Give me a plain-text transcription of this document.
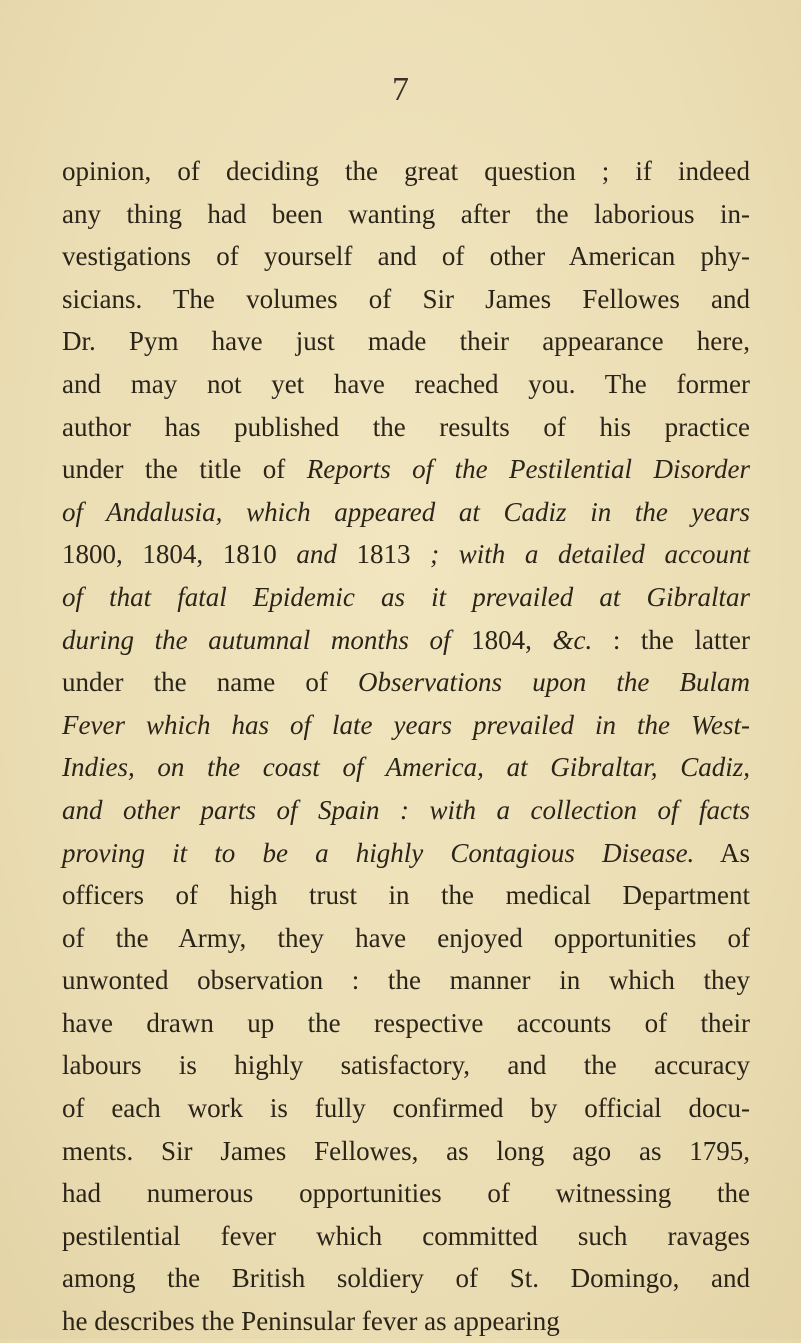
7
opinion, of deciding the great question ; if indeed
any thing had been wanting after the laborious in-
vestigations of yourself and of other American phy-
sicians. The volumes of Sir James Fellowes and
Dr. Pym have just made their appearance here,
and may not yet have reached you. The former
author has published the results of his practice
under the title of Reports of the Pestilential Disorder
of Andalusia, which appeared at Cadiz in the years
1800, 1804, 1810 and 1813 ; with a detailed account
of that fatal Epidemic as it prevailed at Gibraltar
during the autumnal months of 1804, &c. : the latter
under the name of Observations upon the Bulam
Fever which has of late years prevailed in the West-
Indies, on the coast of America, at Gibraltar, Cadiz,
and other parts of Spain : with a collection of facts
proving it to be a highly Contagious Disease. As
officers of high trust in the medical Department
of the Army, they have enjoyed opportunities of
unwonted observation : the manner in which they
have drawn up the respective accounts of their
labours is highly satisfactory, and the accuracy
of each work is fully confirmed by official docu-
ments. Sir James Fellowes, as long ago as 1795,
had numerous opportunities of witnessing the
pestilential fever which committed such ravages
among the British soldiery of St. Domingo, and
he describes the Peninsular fever as appearing
